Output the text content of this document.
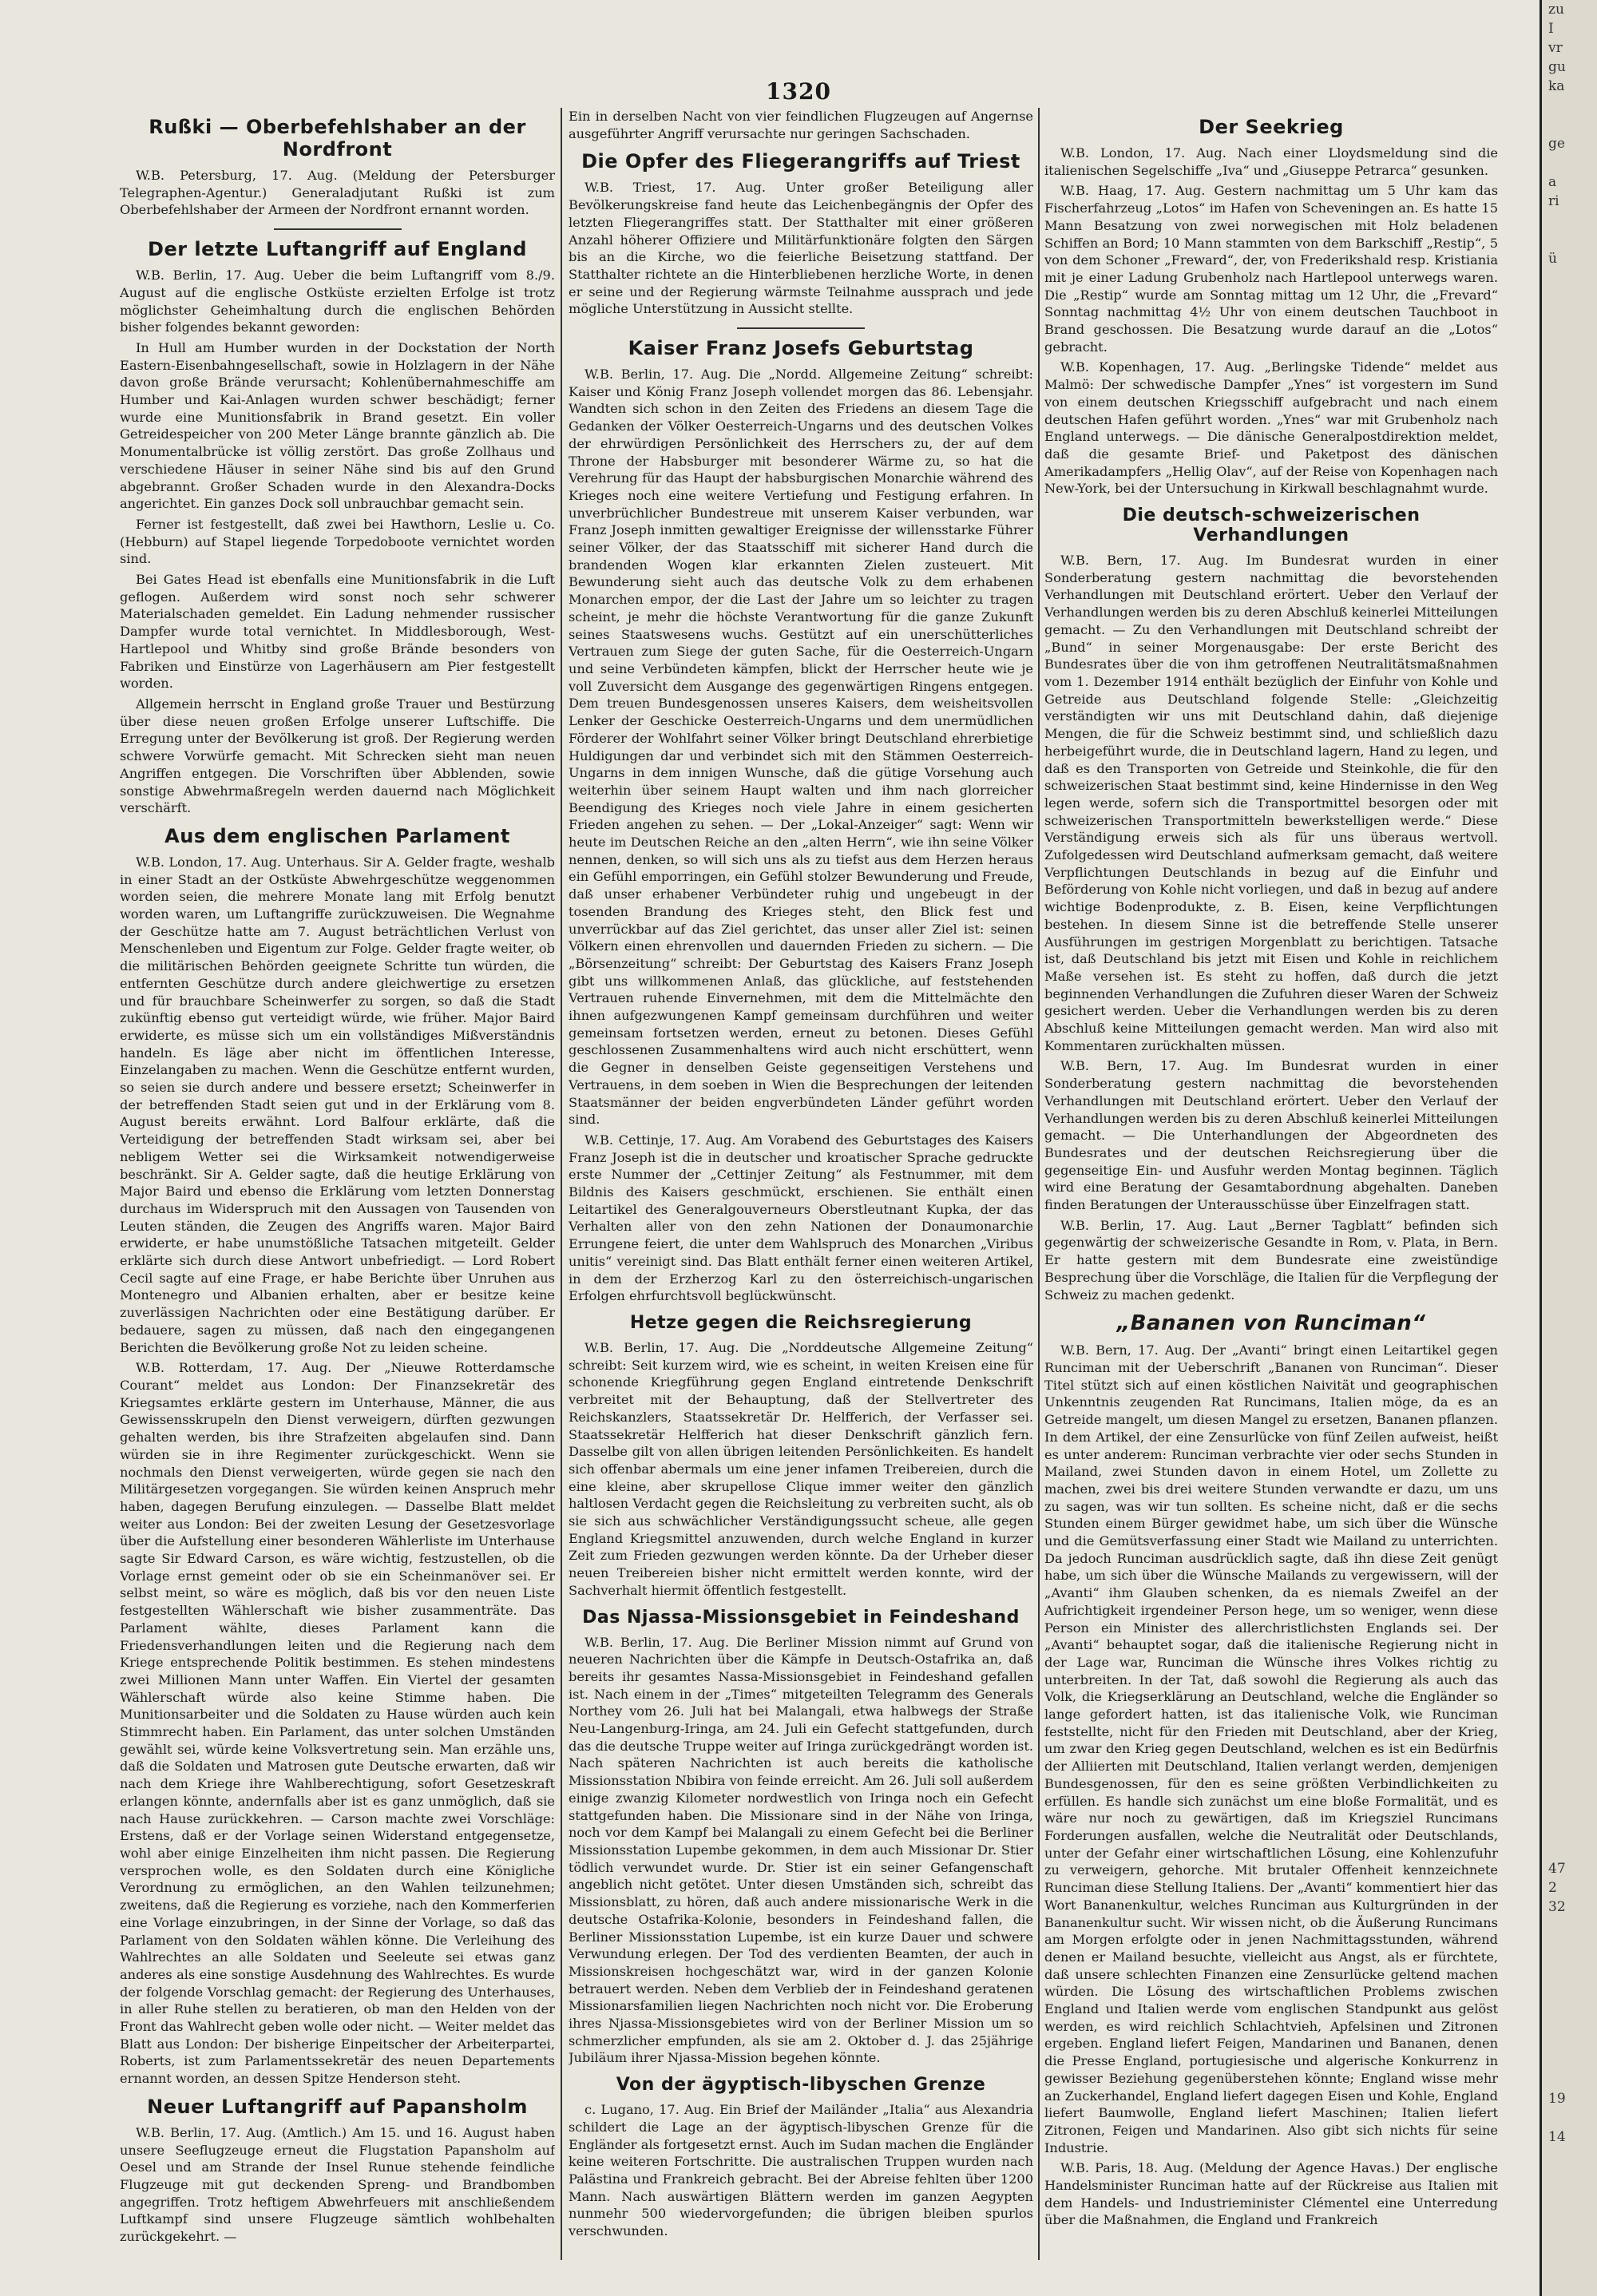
1320
Rußki — Oberbefehlshaber an der Nordfront

W.B. Petersburg, 17. Aug. (Meldung der Petersburger Telegraphen-Agentur.) Generaladjutant Rußki ist zum Oberbefehlshaber der Armeen der Nordfront ernannt worden.

Der letzte Luftangriff auf England

W.B. Berlin, 17. Aug. Ueber die beim Luftangriff vom 8./9. August auf die englische Ostküste erzielten Erfolge ist trotz möglichster Geheimhaltung durch die englischen Behörden bisher folgendes bekannt geworden:

In Hull am Humber wurden in der Dockstation der North Eastern-Eisenbahngesellschaft, sowie in Holzlagern in der Nähe davon große Brände verursacht; Kohlenübernahmeschiffe am Humber und Kai-Anlagen wurden schwer beschädigt; ferner wurde eine Munitionsfabrik in Brand gesetzt. Ein voller Getreidespeicher von 200 Meter Länge brannte gänzlich ab. Die Monumentalbrücke ist völlig zerstört. Das große Zollhaus und verschiedene Häuser in seiner Nähe sind bis auf den Grund abgebrannt. Großer Schaden wurde in den Alexandra-Docks angerichtet. Ein ganzes Dock soll unbrauchbar gemacht sein.

Ferner ist festgestellt, daß zwei bei Hawthorn, Leslie u. Co. (Hebburn) auf Stapel liegende Torpedoboote vernichtet worden sind.

Bei Gates Head ist ebenfalls eine Munitionsfabrik in die Luft geflogen. Außerdem wird sonst noch sehr schwerer Materialschaden gemeldet. Ein Ladung nehmender russischer Dampfer wurde total vernichtet. In Middlesborough, West-Hartlepool und Whitby sind große Brände besonders von Fabriken und Einstürze von Lagerhäusern am Pier festgestellt worden.

Allgemein herrscht in England große Trauer und Bestürzung über diese neuen großen Erfolge unserer Luftschiffe. Die Erregung unter der Bevölkerung ist groß. Der Regierung werden schwere Vorwürfe gemacht. Mit Schrecken sieht man neuen Angriffen entgegen. Die Vorschriften über Abblenden, sowie sonstige Abwehrmaßregeln werden dauernd nach Möglichkeit verschärft.

Aus dem englischen Parlament

W.B. London, 17. Aug. Unterhaus. Sir A. Gelder fragte, weshalb in einer Stadt an der Ostküste Abwehrgeschütze weggenommen worden seien, die mehrere Monate lang mit Erfolg benutzt worden waren, um Luftangriffe zurückzuweisen. Die Wegnahme der Geschütze hatte am 7. August beträchtlichen Verlust von Menschenleben und Eigentum zur Folge. Gelder fragte weiter, ob die militärischen Behörden geeignete Schritte tun würden, die entfernten Geschütze durch andere gleichwertige zu ersetzen und für brauchbare Scheinwerfer zu sorgen, so daß die Stadt zukünftig ebenso gut verteidigt würde, wie früher. Major Baird erwiderte, es müsse sich um ein vollständiges Mißverständnis handeln. Es läge aber nicht im öffentlichen Interesse, Einzelangaben zu machen. Wenn die Geschütze entfernt wurden, so seien sie durch andere und bessere ersetzt; Scheinwerfer in der betreffenden Stadt seien gut und in der Erklärung vom 8. August bereits erwähnt. Lord Balfour erklärte, daß die Verteidigung der betreffenden Stadt wirksam sei, aber bei nebligem Wetter sei die Wirksamkeit notwendigerweise beschränkt. Sir A. Gelder sagte, daß die heutige Erklärung von Major Baird und ebenso die Erklärung vom letzten Donnerstag durchaus im Widerspruch mit den Aussagen von Tausenden von Leuten ständen, die Zeugen des Angriffs waren. Major Baird erwiderte, er habe unumstößliche Tatsachen mitgeteilt. Gelder erklärte sich durch diese Antwort unbefriedigt. — Lord Robert Cecil sagte auf eine Frage, er habe Berichte über Unruhen aus Montenegro und Albanien erhalten, aber er besitze keine zuverlässigen Nachrichten oder eine Bestätigung darüber. Er bedauere, sagen zu müssen, daß nach den eingegangenen Berichten die Bevölkerung große Not zu leiden scheine.

W.B. Rotterdam, 17. Aug. Der „Nieuwe Rotterdamsche Courant“ meldet aus London: Der Finanzsekretär des Kriegsamtes erklärte gestern im Unterhause, Männer, die aus Gewissensskrupeln den Dienst verweigern, dürften gezwungen gehalten werden, bis ihre Strafzeiten abgelaufen sind. Dann würden sie in ihre Regimenter zurückgeschickt. Wenn sie nochmals den Dienst verweigerten, würde gegen sie nach den Militärgesetzen vorgegangen. Sie würden keinen Anspruch mehr haben, dagegen Berufung einzulegen. — Dasselbe Blatt meldet weiter aus London: Bei der zweiten Lesung der Gesetzesvorlage über die Aufstellung einer besonderen Wählerliste im Unterhause sagte Sir Edward Carson, es wäre wichtig, festzustellen, ob die Vorlage ernst gemeint oder ob sie ein Scheinmanöver sei. Er selbst meint, so wäre es möglich, daß bis vor den neuen Liste festgestellten Wählerschaft wie bisher zusammenträte. Das Parlament wählte, dieses Parlament kann die Friedensverhandlungen leiten und die Regierung nach dem Kriege entsprechende Politik bestimmen. Es stehen mindestens zwei Millionen Mann unter Waffen. Ein Viertel der gesamten Wählerschaft würde also keine Stimme haben. Die Munitionsarbeiter und die Soldaten zu Hause würden auch kein Stimmrecht haben. Ein Parlament, das unter solchen Umständen gewählt sei, würde keine Volksvertretung sein. Man erzähle uns, daß die Soldaten und Matrosen gute Deutsche erwarten, daß wir nach dem Kriege ihre Wahlberechtigung, sofort Gesetzeskraft erlangen könnte, andernfalls aber ist es ganz unmöglich, daß sie nach Hause zurückkehren. — Carson machte zwei Vorschläge: Erstens, daß er der Vorlage seinen Widerstand entgegensetze, wohl aber einige Einzelheiten ihm nicht passen. Die Regierung versprochen wolle, es den Soldaten durch eine Königliche Verordnung zu ermöglichen, an den Wahlen teilzunehmen; zweitens, daß die Regierung es vorziehe, nach den Kommerferien eine Vorlage einzubringen, in der Sinne der Vorlage, so daß das Parlament von den Soldaten wählen könne. Die Verleihung des Wahlrechtes an alle Soldaten und Seeleute sei etwas ganz anderes als eine sonstige Ausdehnung des Wahlrechtes. Es wurde der folgende Vorschlag gemacht: der Regierung des Unterhauses, in aller Ruhe stellen zu beratieren, ob man den Helden von der Front das Wahlrecht geben wolle oder nicht. — Weiter meldet das Blatt aus London: Der bisherige Einpeitscher der Arbeiterpartei, Roberts, ist zum Parlamentssekretär des neuen Departements ernannt worden, an dessen Spitze Henderson steht.

Neuer Luftangriff auf Papansholm

W.B. Berlin, 17. Aug. (Amtlich.) Am 15. und 16. August haben unsere Seeflugzeuge erneut die Flugstation Papansholm auf Oesel und am Strande der Insel Runue stehende feindliche Flugzeuge mit gut deckenden Spreng- und Brandbomben angegriffen. Trotz heftigem Abwehrfeuers mit anschließendem Luftkampf sind unsere Flugzeuge sämtlich wohlbehalten zurückgekehrt. —

Ein in derselben Nacht von vier feindlichen Flugzeugen auf Angernse ausgeführter Angriff verursachte nur geringen Sachschaden.

Die Opfer des Fliegerangriffs auf Triest

W.B. Triest, 17. Aug. Unter großer Beteiligung aller Bevölkerungskreise fand heute das Leichenbegängnis der Opfer des letzten Fliegerangriffes statt. Der Statthalter mit einer größeren Anzahl höherer Offiziere und Militärfunktionäre folgten den Särgen bis an die Kirche, wo die feierliche Beisetzung stattfand. Der Statthalter richtete an die Hinterbliebenen herzliche Worte, in denen er seine und der Regierung wärmste Teilnahme aussprach und jede mögliche Unterstützung in Aussicht stellte.

Kaiser Franz Josefs Geburtstag

W.B. Berlin, 17. Aug. Die „Nordd. Allgemeine Zeitung“ schreibt: Kaiser und König Franz Joseph vollendet morgen das 86. Lebensjahr. Wandten sich schon in den Zeiten des Friedens an diesem Tage die Gedanken der Völker Oesterreich-Ungarns und des deutschen Volkes der ehrwürdigen Persönlichkeit des Herrschers zu, der auf dem Throne der Habsburger mit besonderer Wärme zu, so hat die Verehrung für das Haupt der habsburgischen Monarchie während des Krieges noch eine weitere Vertiefung und Festigung erfahren. In unverbrüchlicher Bundestreue mit unserem Kaiser verbunden, war Franz Joseph inmitten gewaltiger Ereignisse der willensstarke Führer seiner Völker, der das Staatsschiff mit sicherer Hand durch die brandenden Wogen klar erkannten Zielen zusteuert. Mit Bewunderung sieht auch das deutsche Volk zu dem erhabenen Monarchen empor, der die Last der Jahre um so leichter zu tragen scheint, je mehr die höchste Verantwortung für die ganze Zukunft seines Staatswesens wuchs. Gestützt auf ein unerschütterliches Vertrauen zum Siege der guten Sache, für die Oesterreich-Ungarn und seine Verbündeten kämpfen, blickt der Herrscher heute wie je voll Zuversicht dem Ausgange des gegenwärtigen Ringens entgegen. Dem treuen Bundesgenossen unseres Kaisers, dem weisheitsvollen Lenker der Geschicke Oesterreich-Ungarns und dem unermüdlichen Förderer der Wohlfahrt seiner Völker bringt Deutschland ehrerbietige Huldigungen dar und verbindet sich mit den Stämmen Oesterreich-Ungarns in dem innigen Wunsche, daß die gütige Vorsehung auch weiterhin über seinem Haupt walten und ihm nach glorreicher Beendigung des Krieges noch viele Jahre in einem gesicherten Frieden angehen zu sehen. — Der „Lokal-Anzeiger“ sagt: Wenn wir heute im Deutschen Reiche an den „alten Herrn“, wie ihn seine Völker nennen, denken, so will sich uns als zu tiefst aus dem Herzen heraus ein Gefühl emporringen, ein Gefühl stolzer Bewunderung und Freude, daß unser erhabener Verbündeter ruhig und ungebeugt in der tosenden Brandung des Krieges steht, den Blick fest und unverrückbar auf das Ziel gerichtet, das unser aller Ziel ist: seinen Völkern einen ehrenvollen und dauernden Frieden zu sichern. — Die „Börsenzeitung“ schreibt: Der Geburtstag des Kaisers Franz Joseph gibt uns willkommenen Anlaß, das glückliche, auf feststehenden Vertrauen ruhende Einvernehmen, mit dem die Mittelmächte den ihnen aufgezwungenen Kampf gemeinsam durchführen und weiter gemeinsam fortsetzen werden, erneut zu betonen. Dieses Gefühl geschlossenen Zusammenhaltens wird auch nicht erschüttert, wenn die Gegner in denselben Geiste gegenseitigen Verstehens und Vertrauens, in dem soeben in Wien die Besprechungen der leitenden Staatsmänner der beiden engverbündeten Länder geführt worden sind.

W.B. Cettinje, 17. Aug. Am Vorabend des Geburtstages des Kaisers Franz Joseph ist die in deutscher und kroatischer Sprache gedruckte erste Nummer der „Cettinjer Zeitung“ als Festnummer, mit dem Bildnis des Kaisers geschmückt, erschienen. Sie enthält einen Leitartikel des Generalgouverneurs Oberstleutnant Kupka, der das Verhalten aller von den zehn Nationen der Donaumonarchie Errungene feiert, die unter dem Wahlspruch des Monarchen „Viribus unitis“ vereinigt sind. Das Blatt enthält ferner einen weiteren Artikel, in dem der Erzherzog Karl zu den österreichisch-ungarischen Erfolgen ehrfurchtsvoll beglückwünscht.

Hetze gegen die Reichsregierung

W.B. Berlin, 17. Aug. Die „Norddeutsche Allgemeine Zeitung“ schreibt: Seit kurzem wird, wie es scheint, in weiten Kreisen eine für schonende Kriegführung gegen England eintretende Denkschrift verbreitet mit der Behauptung, daß der Stellvertreter des Reichskanzlers, Staatssekretär Dr. Helfferich, der Verfasser sei. Staatssekretär Helfferich hat dieser Denkschrift gänzlich fern. Dasselbe gilt von allen übrigen leitenden Persönlichkeiten. Es handelt sich offenbar abermals um eine jener infamen Treibereien, durch die eine kleine, aber skrupellose Clique immer weiter den gänzlich haltlosen Verdacht gegen die Reichsleitung zu verbreiten sucht, als ob sie sich aus schwächlicher Verständigungssucht scheue, alle gegen England Kriegsmittel anzuwenden, durch welche England in kurzer Zeit zum Frieden gezwungen werden könnte. Da der Urheber dieser neuen Treibereien bisher nicht ermittelt werden konnte, wird der Sachverhalt hiermit öffentlich festgestellt.

Das Njassa-Missionsgebiet in Feindeshand

W.B. Berlin, 17. Aug. Die Berliner Mission nimmt auf Grund von neueren Nachrichten über die Kämpfe in Deutsch-Ostafrika an, daß bereits ihr gesamtes Nassa-Missionsgebiet in Feindeshand gefallen ist. Nach einem in der „Times“ mitgeteilten Telegramm des Generals Northey vom 26. Juli hat bei Malangali, etwa halbwegs der Straße Neu-Langenburg-Iringa, am 24. Juli ein Gefecht stattgefunden, durch das die deutsche Truppe weiter auf Iringa zurückgedrängt worden ist. Nach späteren Nachrichten ist auch bereits die katholische Missionsstation Nbibira von feinde erreicht. Am 26. Juli soll außerdem einige zwanzig Kilometer nordwestlich von Iringa noch ein Gefecht stattgefunden haben. Die Missionare sind in der Nähe von Iringa, noch vor dem Kampf bei Malangali zu einem Gefecht bei die Berliner Missionsstation Lupembe gekommen, in dem auch Missionar Dr. Stier tödlich verwundet wurde. Dr. Stier ist ein seiner Gefangenschaft angeblich nicht getötet. Unter diesen Umständen sich, schreibt das Missionsblatt, zu hören, daß auch andere missionarische Werk in die deutsche Ostafrika-Kolonie, besonders in Feindeshand fallen, die Berliner Missionsstation Lupembe, ist ein kurze Dauer und schwere Verwundung erlegen. Der Tod des verdienten Beamten, der auch in Missionskreisen hochgeschätzt war, wird in der ganzen Kolonie betrauert werden. Neben dem Verblieb der in Feindeshand geratenen Missionarsfamilien liegen Nachrichten noch nicht vor. Die Eroberung ihres Njassa-Missionsgebietes wird von der Berliner Mission um so schmerzlicher empfunden, als sie am 2. Oktober d. J. das 25jährige Jubiläum ihrer Njassa-Mission begehen könnte.

Von der ägyptisch-libyschen Grenze

c. Lugano, 17. Aug. Ein Brief der Mailänder „Italia“ aus Alexandria schildert die Lage an der ägyptisch-libyschen Grenze für die Engländer als fortgesetzt ernst. Auch im Sudan machen die Engländer keine weiteren Fortschritte. Die australischen Truppen wurden nach Palästina und Frankreich gebracht. Bei der Abreise fehlten über 1200 Mann. Nach auswärtigen Blättern werden im ganzen Aegypten nunmehr 500 wiedervorgefunden; die übrigen bleiben spurlos verschwunden.

Der Seekrieg

W.B. London, 17. Aug. Nach einer Lloydsmeldung sind die italienischen Segelschiffe „Iva“ und „Giuseppe Petrarca“ gesunken.

W.B. Haag, 17. Aug. Gestern nachmittag um 5 Uhr kam das Fischerfahrzeug „Lotos“ im Hafen von Scheveningen an. Es hatte 15 Mann Besatzung von zwei norwegischen mit Holz beladenen Schiffen an Bord; 10 Mann stammten von dem Barkschiff „Restip“, 5 von dem Schoner „Freward“, der, von Frederikshald resp. Kristiania mit je einer Ladung Grubenholz nach Hartlepool unterwegs waren. Die „Restip“ wurde am Sonntag mittag um 12 Uhr, die „Frevard“ Sonntag nachmittag 4½ Uhr von einem deutschen Tauchboot in Brand geschossen. Die Besatzung wurde darauf an die „Lotos“ gebracht.

W.B. Kopenhagen, 17. Aug. „Berlingske Tidende“ meldet aus Malmö: Der schwedische Dampfer „Ynes“ ist vorgestern im Sund von einem deutschen Kriegsschiff aufgebracht und nach einem deutschen Hafen geführt worden. „Ynes“ war mit Grubenholz nach England unterwegs. — Die dänische Generalpostdirektion meldet, daß die gesamte Brief- und Paketpost des dänischen Amerikadampfers „Hellig Olav“, auf der Reise von Kopenhagen nach New-York, bei der Untersuchung in Kirkwall beschlagnahmt wurde.

Die deutsch-schweizerischen Verhandlungen

W.B. Bern, 17. Aug. Im Bundesrat wurden in einer Sonderberatung gestern nachmittag die bevorstehenden Verhandlungen mit Deutschland erörtert. Ueber den Verlauf der Verhandlungen werden bis zu deren Abschluß keinerlei Mitteilungen gemacht. — Zu den Verhandlungen mit Deutschland schreibt der „Bund“ in seiner Morgenausgabe: Der erste Bericht des Bundesrates über die von ihm getroffenen Neutralitätsmaßnahmen vom 1. Dezember 1914 enthält bezüglich der Einfuhr von Kohle und Getreide aus Deutschland folgende Stelle: „Gleichzeitig verständigten wir uns mit Deutschland dahin, daß diejenige Mengen, die für die Schweiz bestimmt sind, und schließlich dazu herbeigeführt wurde, die in Deutschland lagern, Hand zu legen, und daß es den Transporten von Getreide und Steinkohle, die für den schweizerischen Staat bestimmt sind, keine Hindernisse in den Weg legen werde, sofern sich die Transportmittel besorgen oder mit schweizerischen Transportmitteln bewerkstelligen werde.“ Diese Verständigung erweis sich als für uns überaus wertvoll. Zufolgedessen wird Deutschland aufmerksam gemacht, daß weitere Verpflichtungen Deutschlands in bezug auf die Einfuhr und Beförderung von Kohle nicht vorliegen, und daß in bezug auf andere wichtige Bodenprodukte, z. B. Eisen, keine Verpflichtungen bestehen. In diesem Sinne ist die betreffende Stelle unserer Ausführungen im gestrigen Morgenblatt zu berichtigen. Tatsache ist, daß Deutschland bis jetzt mit Eisen und Kohle in reichlichem Maße versehen ist. Es steht zu hoffen, daß durch die jetzt beginnenden Verhandlungen die Zufuhren dieser Waren der Schweiz gesichert werden. Ueber die Verhandlungen werden bis zu deren Abschluß keine Mitteilungen gemacht werden. Man wird also mit Kommentaren zurückhalten müssen.

W.B. Bern, 17. Aug. Im Bundesrat wurden in einer Sonderberatung gestern nachmittag die bevorstehenden Verhandlungen mit Deutschland erörtert. Ueber den Verlauf der Verhandlungen werden bis zu deren Abschluß keinerlei Mitteilungen gemacht. — Die Unterhandlungen der Abgeordneten des Bundesrates und der deutschen Reichsregierung über die gegenseitige Ein- und Ausfuhr werden Montag beginnen. Täglich wird eine Beratung der Gesamtabordnung abgehalten. Daneben finden Beratungen der Unterausschüsse über Einzelfragen statt.

W.B. Berlin, 17. Aug. Laut „Berner Tagblatt“ befinden sich gegenwärtig der schweizerische Gesandte in Rom, v. Plata, in Bern. Er hatte gestern mit dem Bundesrate eine zweistündige Besprechung über die Vorschläge, die Italien für die Verpflegung der Schweiz zu machen gedenkt.

„Bananen von Runciman“

W.B. Bern, 17. Aug. Der „Avanti“ bringt einen Leitartikel gegen Runciman mit der Ueberschrift „Bananen von Runciman“. Dieser Titel stützt sich auf einen köstlichen Naivität und geographischen Unkenntnis zeugenden Rat Runcimans, Italien möge, da es an Getreide mangelt, um diesen Mangel zu ersetzen, Bananen pflanzen. In dem Artikel, der eine Zensurlücke von fünf Zeilen aufweist, heißt es unter anderem: Runciman verbrachte vier oder sechs Stunden in Mailand, zwei Stunden davon in einem Hotel, um Zollette zu machen, zwei bis drei weitere Stunden verwandte er dazu, um uns zu sagen, was wir tun sollten. Es scheine nicht, daß er die sechs Stunden einem Bürger gewidmet habe, um sich über die Wünsche und die Gemütsverfassung einer Stadt wie Mailand zu unterrichten. Da jedoch Runciman ausdrücklich sagte, daß ihn diese Zeit genügt habe, um sich über die Wünsche Mailands zu vergewissern, will der „Avanti“ ihm Glauben schenken, da es niemals Zweifel an der Aufrichtigkeit irgendeiner Person hege, um so weniger, wenn diese Person ein Minister des allerchristlichsten Englands sei. Der „Avanti“ behauptet sogar, daß die italienische Regierung nicht in der Lage war, Runciman die Wünsche ihres Volkes richtig zu unterbreiten. In der Tat, daß sowohl die Regierung als auch das Volk, die Kriegserklärung an Deutschland, welche die Engländer so lange gefordert hatten, ist das italienische Volk, wie Runciman feststellte, nicht für den Frieden mit Deutschland, aber der Krieg, um zwar den Krieg gegen Deutschland, welchen es ist ein Bedürfnis der Alliierten mit Deutschland, Italien verlangt werden, demjenigen Bundesgenossen, für den es seine größten Verbindlichkeiten zu erfüllen. Es handle sich zunächst um eine bloße Formalität, und es wäre nur noch zu gewärtigen, daß im Kriegsziel Runcimans Forderungen ausfallen, welche die Neutralität oder Deutschlands, unter der Gefahr einer wirtschaftlichen Lösung, eine Kohlenzufuhr zu verweigern, gehorche. Mit brutaler Offenheit kennzeichnete Runciman diese Stellung Italiens. Der „Avanti“ kommentiert hier das Wort Bananenkultur, welches Runciman aus Kulturgründen in der Bananenkultur sucht. Wir wissen nicht, ob die Äußerung Runcimans am Morgen erfolgte oder in jenen Nachmittagsstunden, während denen er Mailand besuchte, vielleicht aus Angst, als er fürchtete, daß unsere schlechten Finanzen eine Zensurlücke geltend machen würden. Die Lösung des wirtschaftlichen Problems zwischen England und Italien werde vom englischen Standpunkt aus gelöst werden, es wird reichlich Schlachtvieh, Apfelsinen und Zitronen ergeben. England liefert Feigen, Mandarinen und Bananen, denen die Presse England, portugiesische und algerische Konkurrenz in gewisser Beziehung gegenüberstehen könnte; England wisse mehr an Zuckerhandel, England liefert dagegen Eisen und Kohle, England liefert Baumwolle, England liefert Maschinen; Italien liefert Zitronen, Feigen und Mandarinen. Also gibt sich nichts für seine Industrie.

W.B. Paris, 18. Aug. (Meldung der Agence Havas.) Der englische Handelsminister Runciman hatte auf der Rückreise aus Italien mit dem Handels- und Industrieminister Clémentel eine Unterredung über die Maßnahmen, die England und Frankreich

zu
I
vr
gu
ka

ge

a
ri

ü

47
2
32

19

14
